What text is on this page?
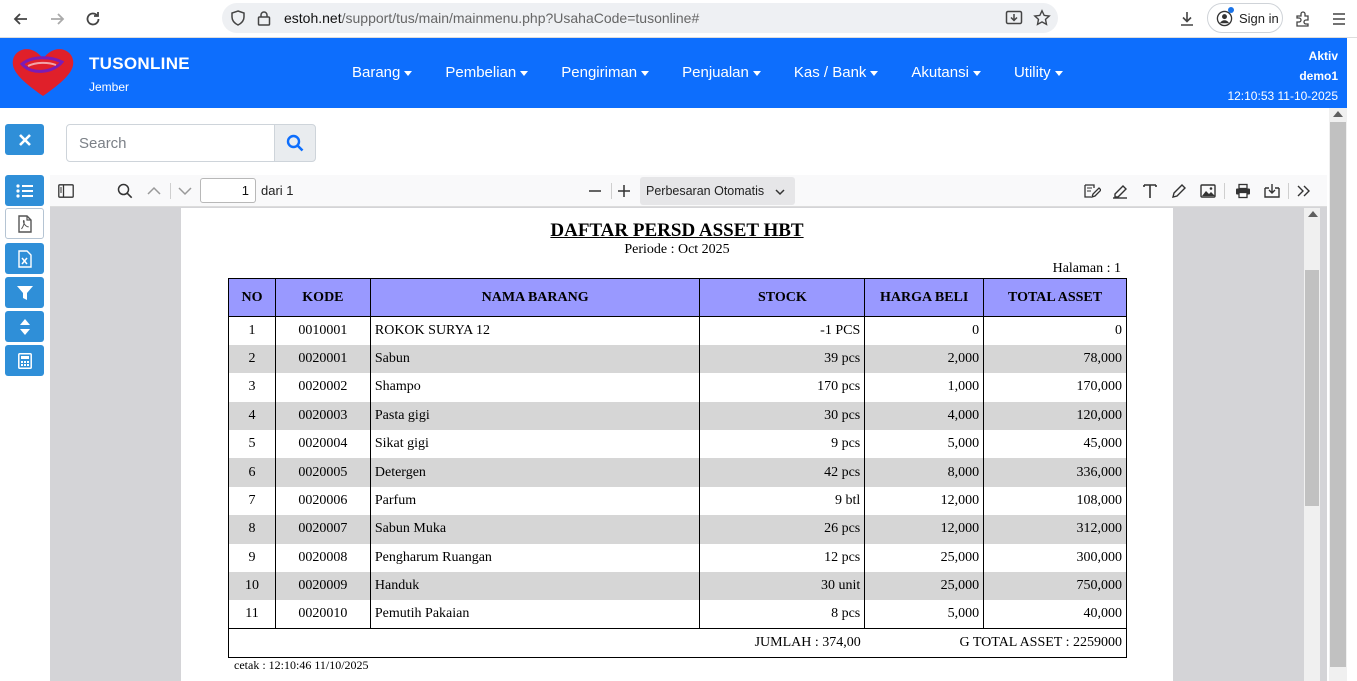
estoh.net/support/tus/main/mainmenu.php?UsahaCode=tusonline#	Sign in
TUSONLINE
Jember
Barang	Pembelian	Pengiriman	Penjualan	Kas / Bank	Akutansi	Utility
Aktiv
demo1
12:10:53 11-10-2025
Search
1
dari 1	Perbesaran Otomatis
DAFTAR PERSD ASSET HBT
Periode : Oct 2025
Halaman : 1
NO	KODE	NAMA BARANG	STOCK	HARGA BELI	TOTAL ASSET
1	0010001	ROKOK SURYA 12	-1 PCS	0	0
2	0020001	Sabun	39 pcs	2,000	78,000
3	0020002	Shampo	170 pcs	1,000	170,000
4	0020003	Pasta gigi	30 pcs	4,000	120,000
5	0020004	Sikat gigi	9 pcs	5,000	45,000
6	0020005	Detergen	42 pcs	8,000	336,000
7	0020006	Parfum	9 btl	12,000	108,000
8	0020007	Sabun Muka	26 pcs	12,000	312,000
9	0020008	Pengharum Ruangan	12 pcs	25,000	300,000
10	0020009	Handuk	30 unit	25,000	750,000
11	0020010	Pemutih Pakaian	8 pcs	5,000	40,000
JUMLAH : 374,00				G TOTAL ASSET : 2259000	
cetak : 12:10:46 11/10/2025
